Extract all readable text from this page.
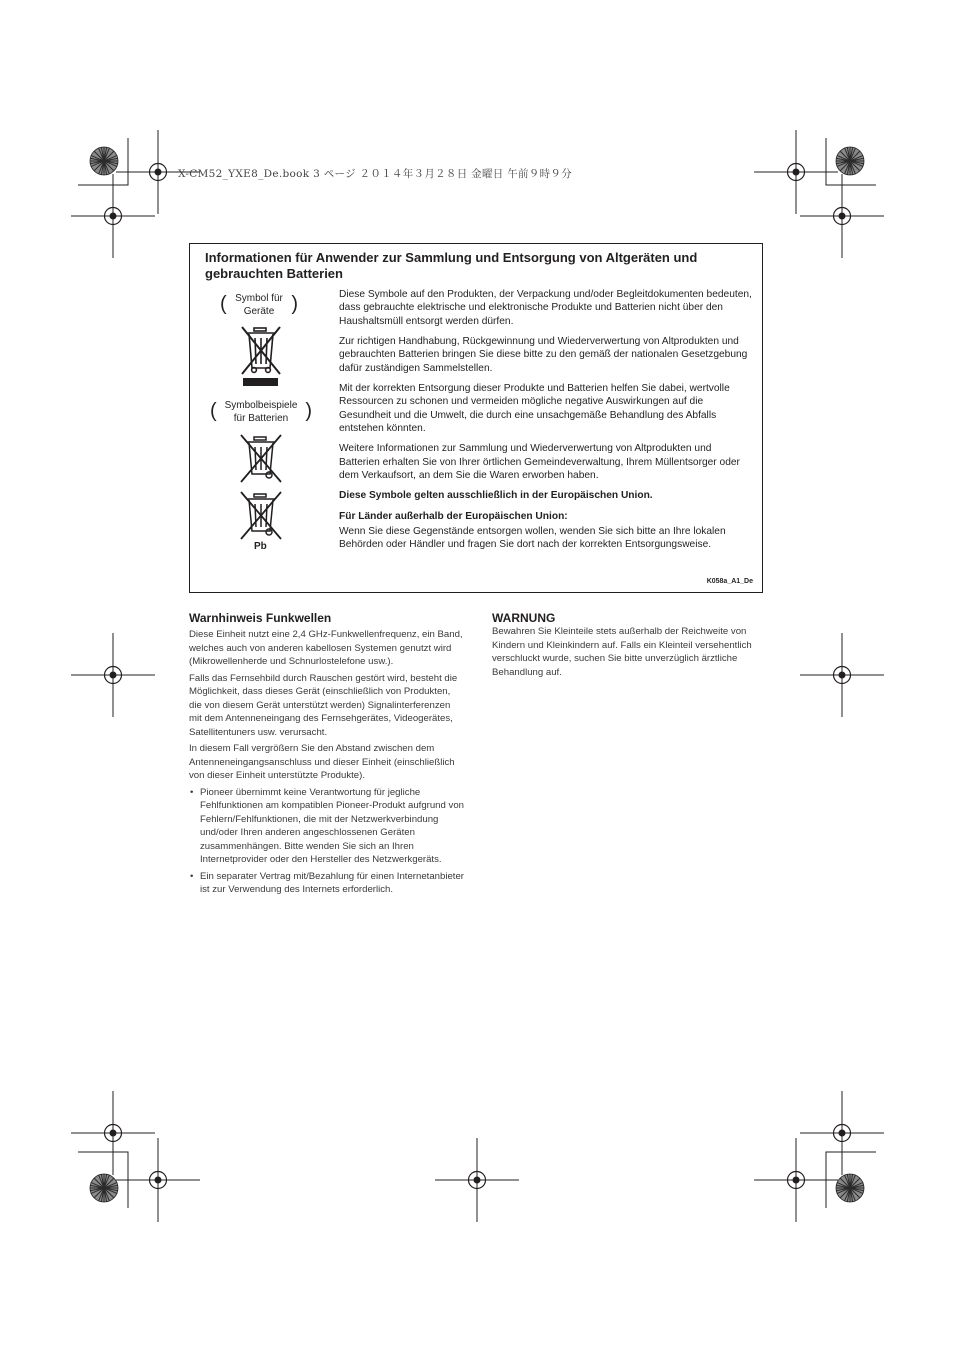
X-CM52_YXE8_De.book 3 ページ ２０１４年３月２８日 金曜日 午前９時９分
Informationen für Anwender zur Sammlung und Entsorgung von Altgeräten und gebrauchten Batterien
( Symbol für Geräte )
( Symbolbeispiele für Batterien )
Pb

Diese Symbole auf den Produkten, der Verpackung und/oder Begleitdokumenten bedeuten, dass gebrauchte elektrische und elektronische Produkte und Batterien nicht über den Haushaltsmüll entsorgt werden dürfen.

Zur richtigen Handhabung, Rückgewinnung und Wiederverwertung von Altprodukten und gebrauchten Batterien bringen Sie diese bitte zu den gemäß der nationalen Gesetzgebung dafür zuständigen Sammelstellen.

Mit der korrekten Entsorgung dieser Produkte und Batterien helfen Sie dabei, wertvolle Ressourcen zu schonen und vermeiden mögliche negative Auswirkungen auf die Gesundheit und die Umwelt, die durch eine unsachgemäße Behandlung des Abfalls entstehen könnten.

Weitere Informationen zur Sammlung und Wiederverwertung von Altprodukten und Batterien erhalten Sie von Ihrer örtlichen Gemeindeverwaltung, Ihrem Müllentsorger oder dem Verkaufsort, an dem Sie die Waren erworben haben.

Diese Symbole gelten ausschließlich in der Europäischen Union.

Für Länder außerhalb der Europäischen Union:

Wenn Sie diese Gegenstände entsorgen wollen, wenden Sie sich bitte an Ihre lokalen Behörden oder Händler und fragen Sie dort nach der korrekten Entsorgungsweise.

K058a_A1_De
Warnhinweis Funkwellen

Diese Einheit nutzt eine 2,4 GHz-Funkwellenfrequenz, ein Band, welches auch von anderen kabellosen Systemen genutzt wird (Mikrowellenherde und Schnurlostelefone usw.).

Falls das Fernsehbild durch Rauschen gestört wird, besteht die Möglichkeit, dass dieses Gerät (einschließlich von Produkten, die von diesem Gerät unterstützt werden) Signalinterferenzen mit dem Antenneneingang des Fernsehgerätes, Videogerätes, Satellitentuners usw. verursacht.

In diesem Fall vergrößern Sie den Abstand zwischen dem Antenneneingangsanschluss und dieser Einheit (einschließlich von dieser Einheit unterstützte Produkte).

• Pioneer übernimmt keine Verantwortung für jegliche Fehlfunktionen am kompatiblen Pioneer-Produkt aufgrund von Fehlern/Fehlfunktionen, die mit der Netzwerkverbindung und/oder Ihren anderen angeschlossenen Geräten zusammenhängen. Bitte wenden Sie sich an Ihren Internetprovider oder den Hersteller des Netzwerkgeräts.
• Ein separater Vertrag mit/Bezahlung für einen Internetanbieter ist zur Verwendung des Internets erforderlich.
WARNUNG

Bewahren Sie Kleinteile stets außerhalb der Reichweite von Kindern und Kleinkindern auf. Falls ein Kleinteil versehentlich verschluckt wurde, suchen Sie bitte unverzüglich ärztliche Behandlung auf.
